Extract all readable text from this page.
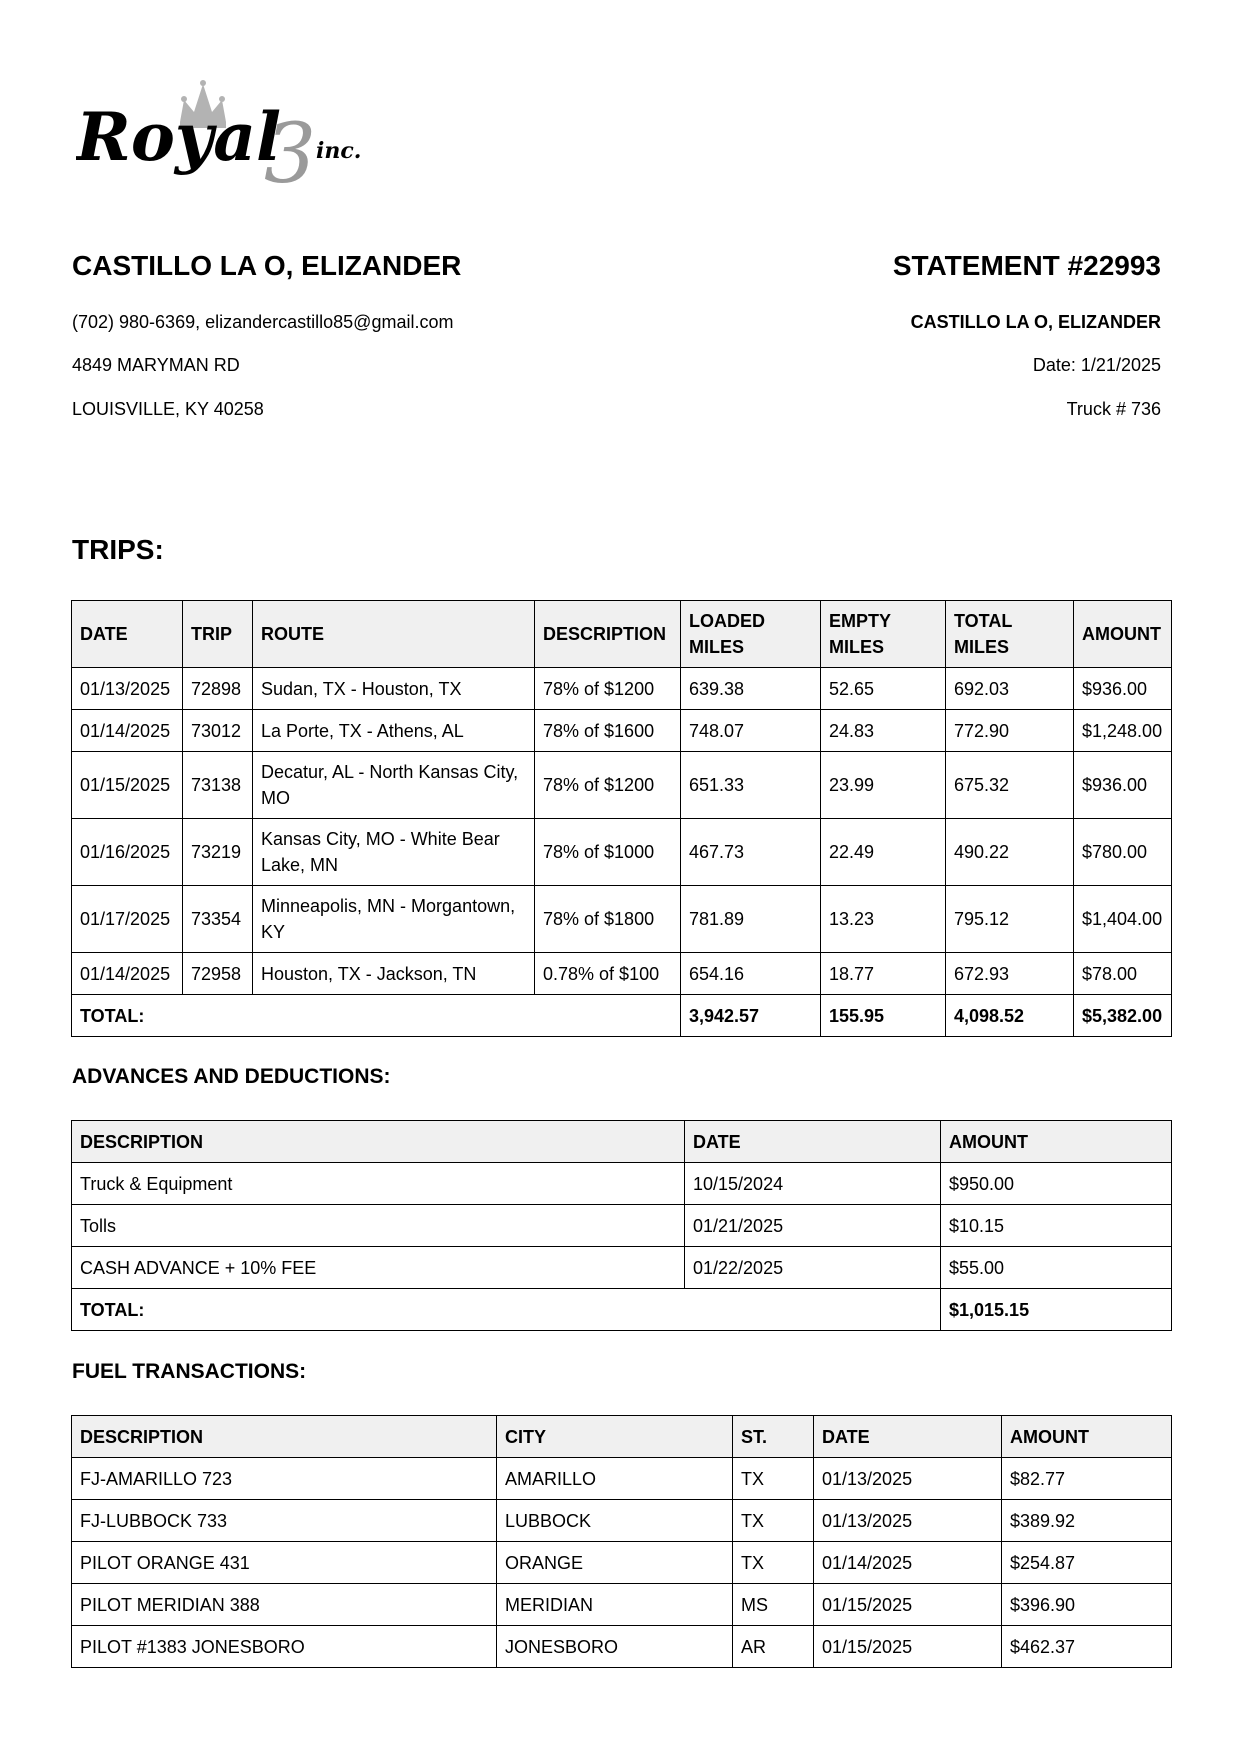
3
Royal inc.
CASTILLO LA O, ELIZANDER	STATEMENT #22993
(702) 980-6369, elizandercastillo85@gmail.com
4849 MARYMAN RD
LOUISVILLE, KY 40258
CASTILLO LA O, ELIZANDER
Date: 1/21/2025
Truck # 736
TRIPS:
DATE	TRIP	ROUTE	DESCRIPTION	LOADED MILES	EMPTY MILES	TOTAL MILES	AMOUNT
01/13/2025	72898	Sudan, TX - Houston, TX	78% of $1200	639.38	52.65	692.03	$936.00
01/14/2025	73012	La Porte, TX - Athens, AL	78% of $1600	748.07	24.83	772.90	$1,248.00
01/15/2025	73138	Decatur, AL - North Kansas City, MO	78% of $1200	651.33	23.99	675.32	$936.00
01/16/2025	73219	Kansas City, MO - White Bear Lake, MN	78% of $1000	467.73	22.49	490.22	$780.00
01/17/2025	73354	Minneapolis, MN - Morgantown, KY	78% of $1800	781.89	13.23	795.12	$1,404.00
01/14/2025	72958	Houston, TX - Jackson, TN	0.78% of $100	654.16	18.77	672.93	$78.00
TOTAL:				3,942.57	155.95	4,098.52	$5,382.00
ADVANCES AND DEDUCTIONS:
DESCRIPTION	DATE	AMOUNT
Truck & Equipment	10/15/2024	$950.00
Tolls	01/21/2025	$10.15
CASH ADVANCE + 10% FEE	01/22/2025	$55.00
TOTAL:		$1,015.15
FUEL TRANSACTIONS:
DESCRIPTION	CITY	ST.	DATE	AMOUNT
FJ-AMARILLO 723	AMARILLO	TX	01/13/2025	$82.77
FJ-LUBBOCK 733	LUBBOCK	TX	01/13/2025	$389.92
PILOT ORANGE 431	ORANGE	TX	01/14/2025	$254.87
PILOT MERIDIAN 388	MERIDIAN	MS	01/15/2025	$396.90
PILOT #1383 JONESBORO	JONESBORO	AR	01/15/2025	$462.37
